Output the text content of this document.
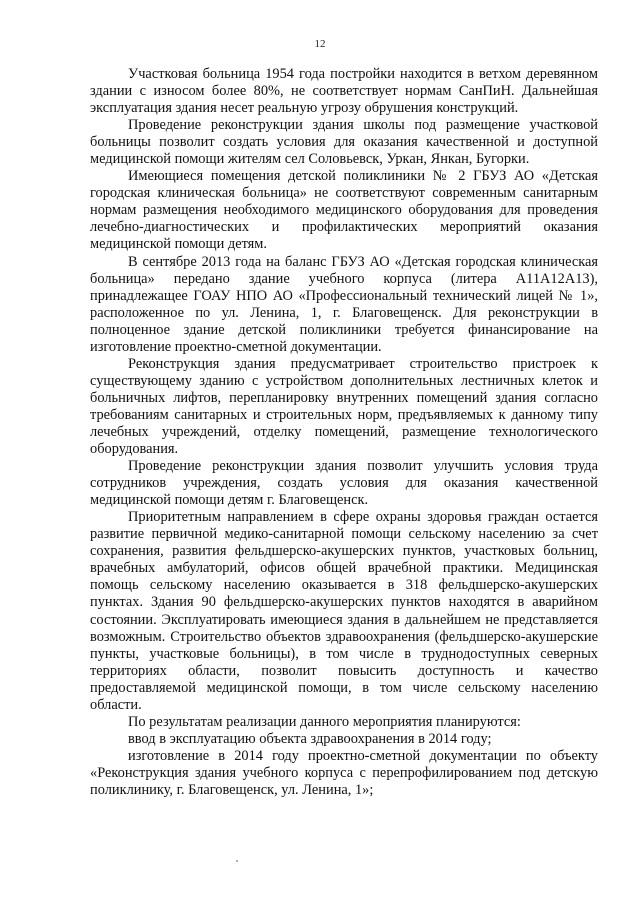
12

Участковая больница 1954 года постройки находится в ветхом деревянном здании с износом более 80%, не соответствует нормам СанПиН. Дальнейшая эксплуатация здания несет реальную угрозу обрушения конструкций.

Проведение реконструкции здания школы под размещение участковой больницы позволит создать условия для оказания качественной и доступной медицинской помощи жителям сел Соловьевск, Уркан, Янкан, Бугорки.

Имеющиеся помещения детской поликлиники № 2 ГБУЗ АО «Детская городская клиническая больница» не соответствуют современным санитарным нормам размещения необходимого медицинского оборудования для проведения лечебно-диагностических и профилактических мероприятий оказания медицинской помощи детям.

В сентябре 2013 года на баланс ГБУЗ АО «Детская городская клиническая больница» передано здание учебного корпуса (литера А11А12А13), принадлежащее ГОАУ НПО АО «Профессиональный технический лицей № 1», расположенное по ул. Ленина, 1, г. Благовещенск. Для реконструкции в полноценное здание детской поликлиники требуется финансирование на изготовление проектно-сметной документации.

Реконструкция здания предусматривает строительство пристроек к существующему зданию с устройством дополнительных лестничных клеток и больничных лифтов, перепланировку внутренних помещений здания согласно требованиям санитарных и строительных норм, предъявляемых к данному типу лечебных учреждений, отделку помещений, размещение технологического оборудования.

Проведение реконструкции здания позволит улучшить условия труда сотрудников учреждения, создать условия для оказания качественной медицинской помощи детям г. Благовещенск.

Приоритетным направлением в сфере охраны здоровья граждан остается развитие первичной медико-санитарной помощи сельскому населению за счет сохранения, развития фельдшерско-акушерских пунктов, участковых больниц, врачебных амбулаторий, офисов общей врачебной практики. Медицинская помощь сельскому населению оказывается в 318 фельдшерско-акушерских пунктах. Здания 90 фельдшерско-акушерских пунктов находятся в аварийном состоянии. Эксплуатировать имеющиеся здания в дальнейшем не представляется возможным. Строительство объектов здравоохранения (фельдшерско-акушерские пункты, участковые больницы), в том числе в труднодоступных северных территориях области, позволит повысить доступность и качество предоставляемой медицинской помощи, в том числе сельскому населению области.

По результатам реализации данного мероприятия планируются:

ввод в эксплуатацию объекта здравоохранения в 2014 году;

изготовление в 2014 году проектно-сметной документации по объекту «Реконструкция здания учебного корпуса с перепрофилированием под детскую поликлинику, г. Благовещенск, ул. Ленина, 1»;
